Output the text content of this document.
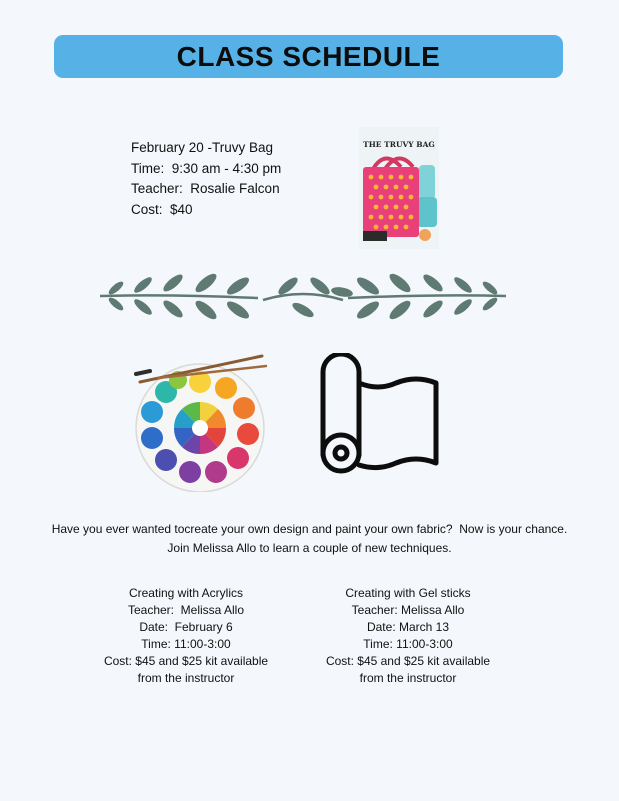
CLASS SCHEDULE
February 20 -Truvy Bag
Time:  9:30 am - 4:30 pm
Teacher:  Rosalie Falcon
Cost:  $40
THE TRUVY BAG
Have you ever wanted tocreate your own design and paint your own fabric?  Now is your chance.
Join Melissa Allo to learn a couple of new techniques.
Creating with Acrylics
Teacher:  Melissa Allo
Date:  February 6
Time: 11:00-3:00
Cost: $45 and $25 kit available
from the instructor
Creating with Gel sticks
Teacher: Melissa Allo
Date: March 13
Time: 11:00-3:00
Cost: $45 and $25 kit available
from the instructor
